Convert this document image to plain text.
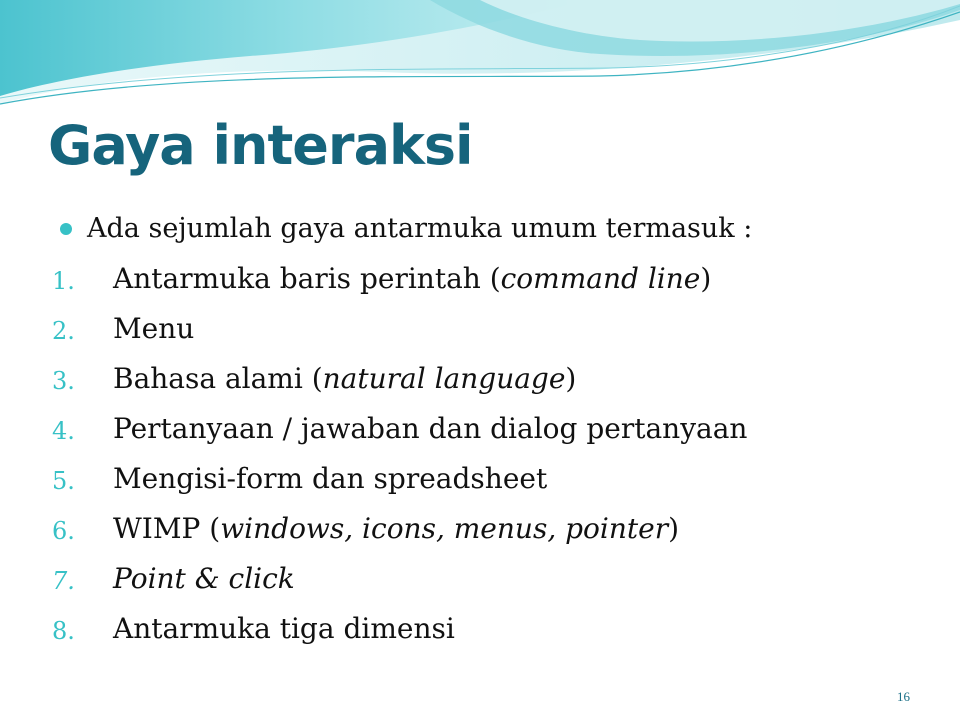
Gaya interaksi
Ada sejumlah gaya antarmuka umum termasuk :
1. Antarmuka baris perintah (command line)
2. Menu
3. Bahasa alami (natural language)
4. Pertanyaan / jawaban dan dialog pertanyaan
5. Mengisi-form dan spreadsheet
6. WIMP (windows, icons, menus, pointer)
7. Point & click
8. Antarmuka tiga dimensi
16
